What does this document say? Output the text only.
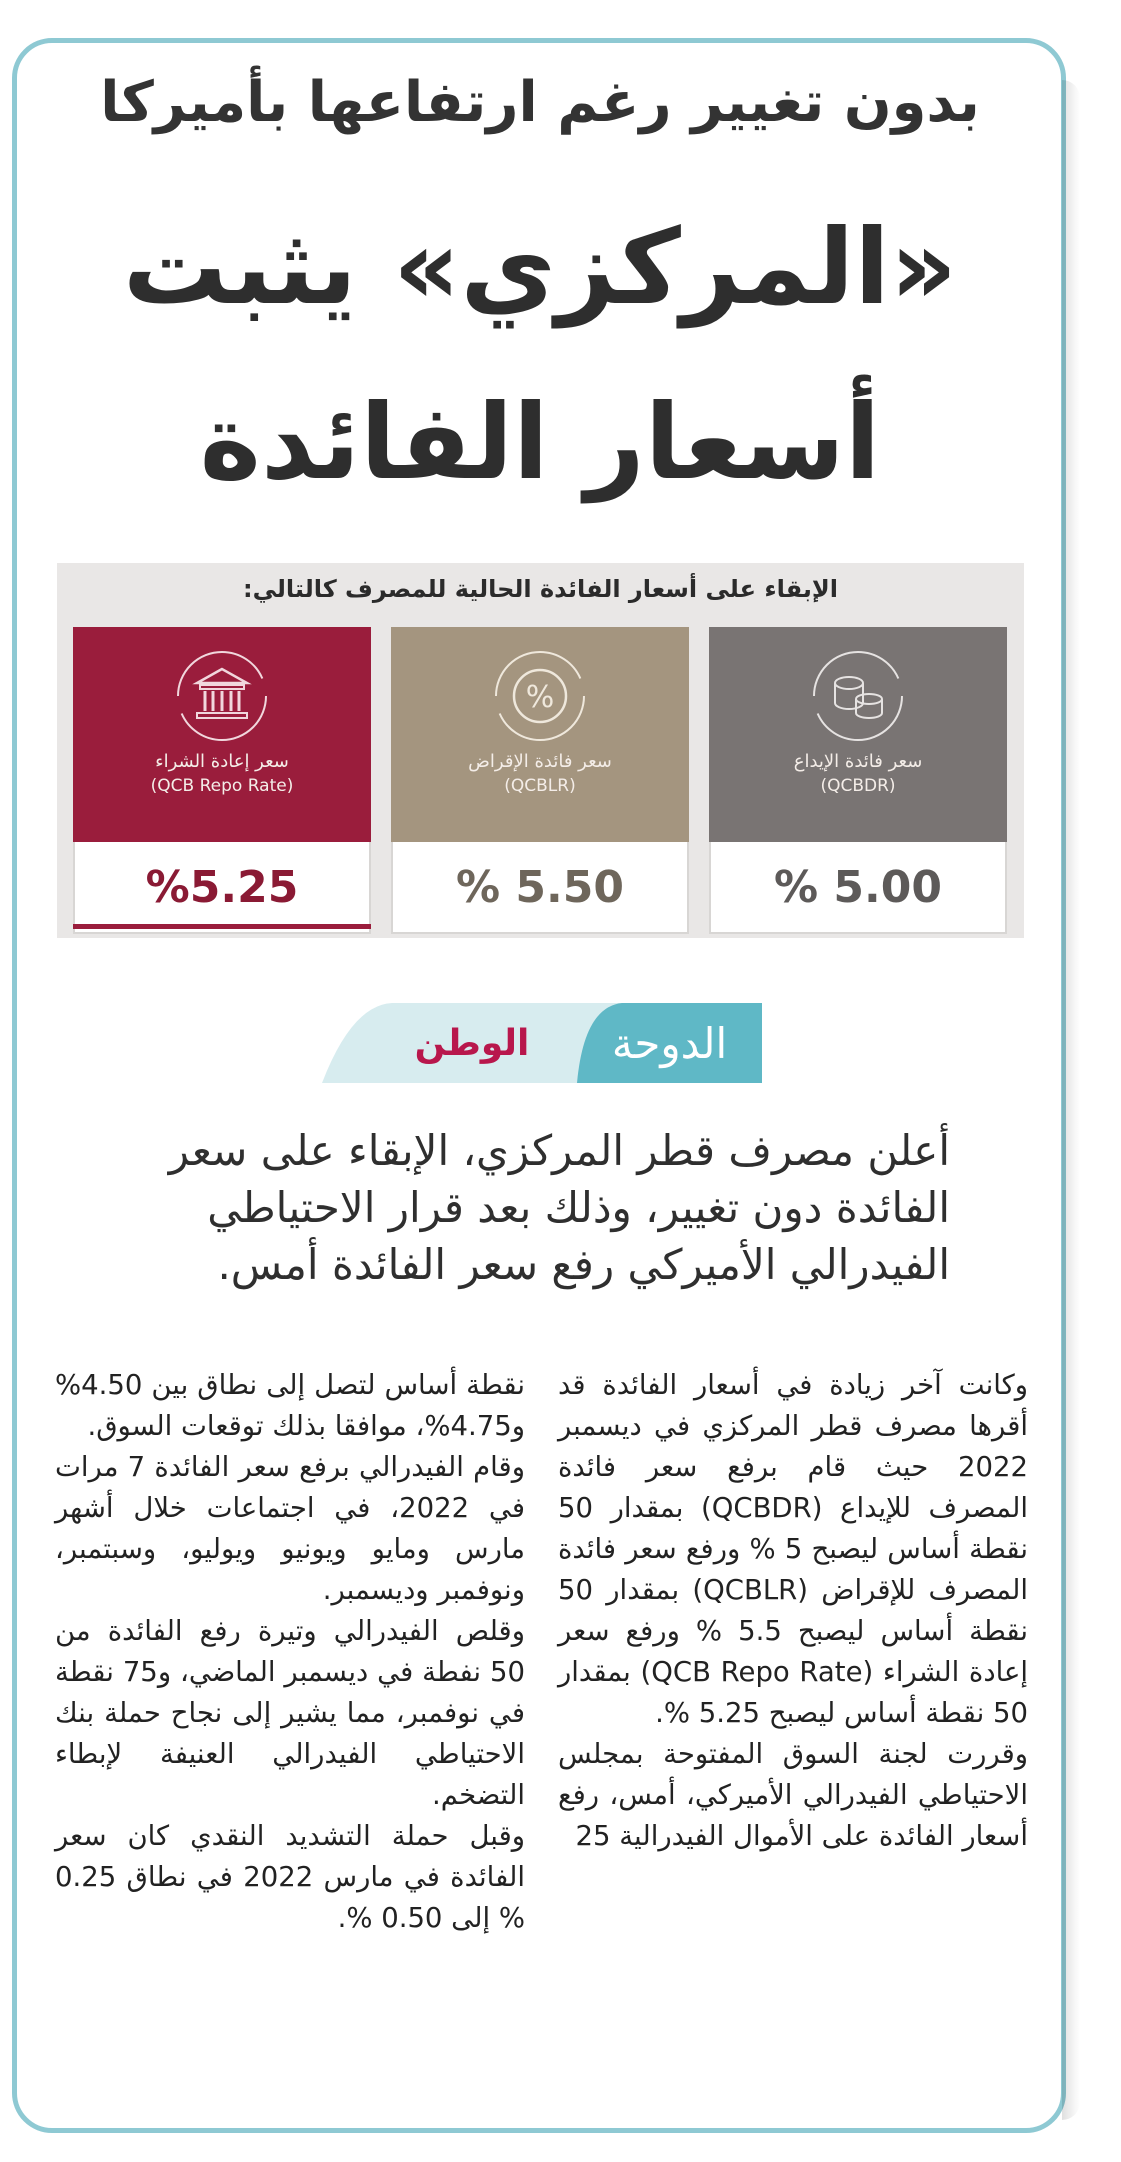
بدون تغيير رغم ارتفاعها بأميركا
«المركزي» يثبت
أسعار الفائدة
الإبقاء على أسعار الفائدة الحالية للمصرف كالتالي:
سعر إعادة الشراء
(QCB Repo Rate)
%5.25
%
سعر فائدة الإقراض
(QCBLR)
% 5.50
سعر فائدة الإيداع
(QCBDR)
% 5.00
الدوحة
الوطن
أعلن مصرف قطر المركزي، الإبقاء على سعر الفائدة دون تغيير، وذلك بعد قرار الاحتياطي الفيدرالي الأميركي رفع سعر الفائدة أمس.

وكانت آخر زيادة في أسعار الفائدة قد أقرها مصرف قطر المركزي في ديسمبر 2022 حيث قام برفع سعر فائدة المصرف للإيداع (QCBDR) بمقدار 50 نقطة أساس ليصبح 5 % ورفع سعر فائدة المصرف للإقراض (QCBLR) بمقدار 50 نقطة أساس ليصبح 5.5 % ورفع سعر إعادة الشراء (QCB Repo Rate) بمقدار 50 نقطة أساس ليصبح 5.25 %.

وقررت لجنة السوق المفتوحة بمجلس الاحتياطي الفيدرالي الأميركي، أمس، رفع أسعار الفائدة على الأموال الفيدرالية 25

نقطة أساس لتصل إلى نطاق بين 4.50% و4.75%، موافقا بذلك توقعات السوق.

وقام الفيدرالي برفع سعر الفائدة 7 مرات في 2022، في اجتماعات خلال أشهر مارس ومايو ويونيو ويوليو، وسبتمبر، ونوفمبر وديسمبر.

وقلص الفيدرالي وتيرة رفع الفائدة من 50 نفطة في ديسمبر الماضي، و75 نقطة في نوفمبر، مما يشير إلى نجاح حملة بنك الاحتياطي الفيدرالي العنيفة لإبطاء التضخم.

وقبل حملة التشديد النقدي كان سعر الفائدة في مارس 2022 في نطاق 0.25 % إلى 0.50 %.
